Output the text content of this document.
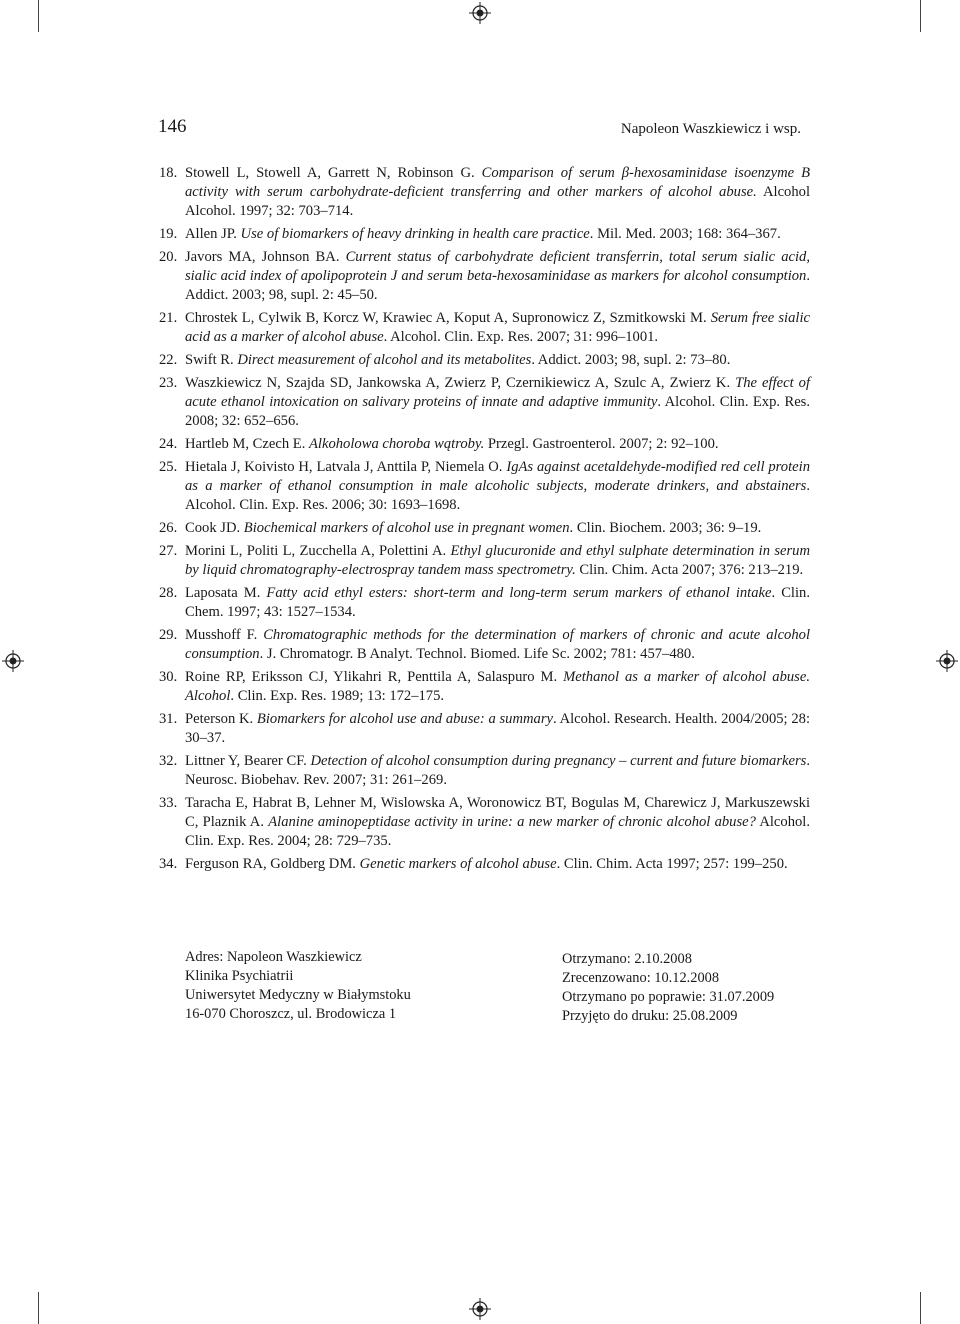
146	Napoleon Waszkiewicz i wsp.
18. Stowell L, Stowell A, Garrett N, Robinson G. Comparison of serum β-hexosaminidase isoenzyme B activity with serum carbohydrate-deficient transferring and other markers of alcohol abuse. Alcohol Alcohol. 1997; 32: 703–714.
19. Allen JP. Use of biomarkers of heavy drinking in health care practice. Mil. Med. 2003; 168: 364–367.
20. Javors MA, Johnson BA. Current status of carbohydrate deficient transferrin, total serum sialic acid, sialic acid index of apolipoprotein J and serum beta-hexosaminidase as markers for alcohol consumption. Addict. 2003; 98, supl. 2: 45–50.
21. Chrostek L, Cylwik B, Korcz W, Krawiec A, Koput A, Supronowicz Z, Szmitkowski M. Serum free sialic acid as a marker of alcohol abuse. Alcohol. Clin. Exp. Res. 2007; 31: 996–1001.
22. Swift R. Direct measurement of alcohol and its metabolites. Addict. 2003; 98, supl. 2: 73–80.
23. Waszkiewicz N, Szajda SD, Jankowska A, Zwierz P, Czernikiewicz A, Szulc A, Zwierz K. The effect of acute ethanol intoxication on salivary proteins of innate and adaptive immunity. Alcohol. Clin. Exp. Res. 2008; 32: 652–656.
24. Hartleb M, Czech E. Alkoholowa choroba wątroby. Przegl. Gastroenterol. 2007; 2: 92–100.
25. Hietala J, Koivisto H, Latvala J, Anttila P, Niemela O. IgAs against acetaldehyde-modified red cell protein as a marker of ethanol consumption in male alcoholic subjects, moderate drinkers, and abstainers. Alcohol. Clin. Exp. Res. 2006; 30: 1693–1698.
26. Cook JD. Biochemical markers of alcohol use in pregnant women. Clin. Biochem. 2003; 36: 9–19.
27. Morini L, Politi L, Zucchella A, Polettini A. Ethyl glucuronide and ethyl sulphate determination in serum by liquid chromatography-electrospray tandem mass spectrometry. Clin. Chim. Acta 2007; 376: 213–219.
28. Laposata M. Fatty acid ethyl esters: short-term and long-term serum markers of ethanol intake. Clin. Chem. 1997; 43: 1527–1534.
29. Musshoff F. Chromatographic methods for the determination of markers of chronic and acute alcohol consumption. J. Chromatogr. B Analyt. Technol. Biomed. Life Sc. 2002; 781: 457–480.
30. Roine RP, Eriksson CJ, Ylikahri R, Penttila A, Salaspuro M. Methanol as a marker of alcohol abuse. Alcohol. Clin. Exp. Res. 1989; 13: 172–175.
31. Peterson K. Biomarkers for alcohol use and abuse: a summary. Alcohol. Research. Health. 2004/2005; 28: 30–37.
32. Littner Y, Bearer CF. Detection of alcohol consumption during pregnancy – current and future biomarkers. Neurosc. Biobehav. Rev. 2007; 31: 261–269.
33. Taracha E, Habrat B, Lehner M, Wislowska A, Woronowicz BT, Bogulas M, Charewicz J, Markuszewski C, Plaznik A. Alanine aminopeptidase activity in urine: a new marker of chronic alcohol abuse? Alcohol. Clin. Exp. Res. 2004; 28: 729–735.
34. Ferguson RA, Goldberg DM. Genetic markers of alcohol abuse. Clin. Chim. Acta 1997; 257: 199–250.
Adres: Napoleon Waszkiewicz
Klinika Psychiatrii
Uniwersytet Medyczny w Białymstoku
16-070 Choroszcz, ul. Brodowicza 1
Otrzymano: 2.10.2008
Zrecenzowano: 10.12.2008
Otrzymano po poprawie: 31.07.2009
Przyjęto do druku: 25.08.2009
